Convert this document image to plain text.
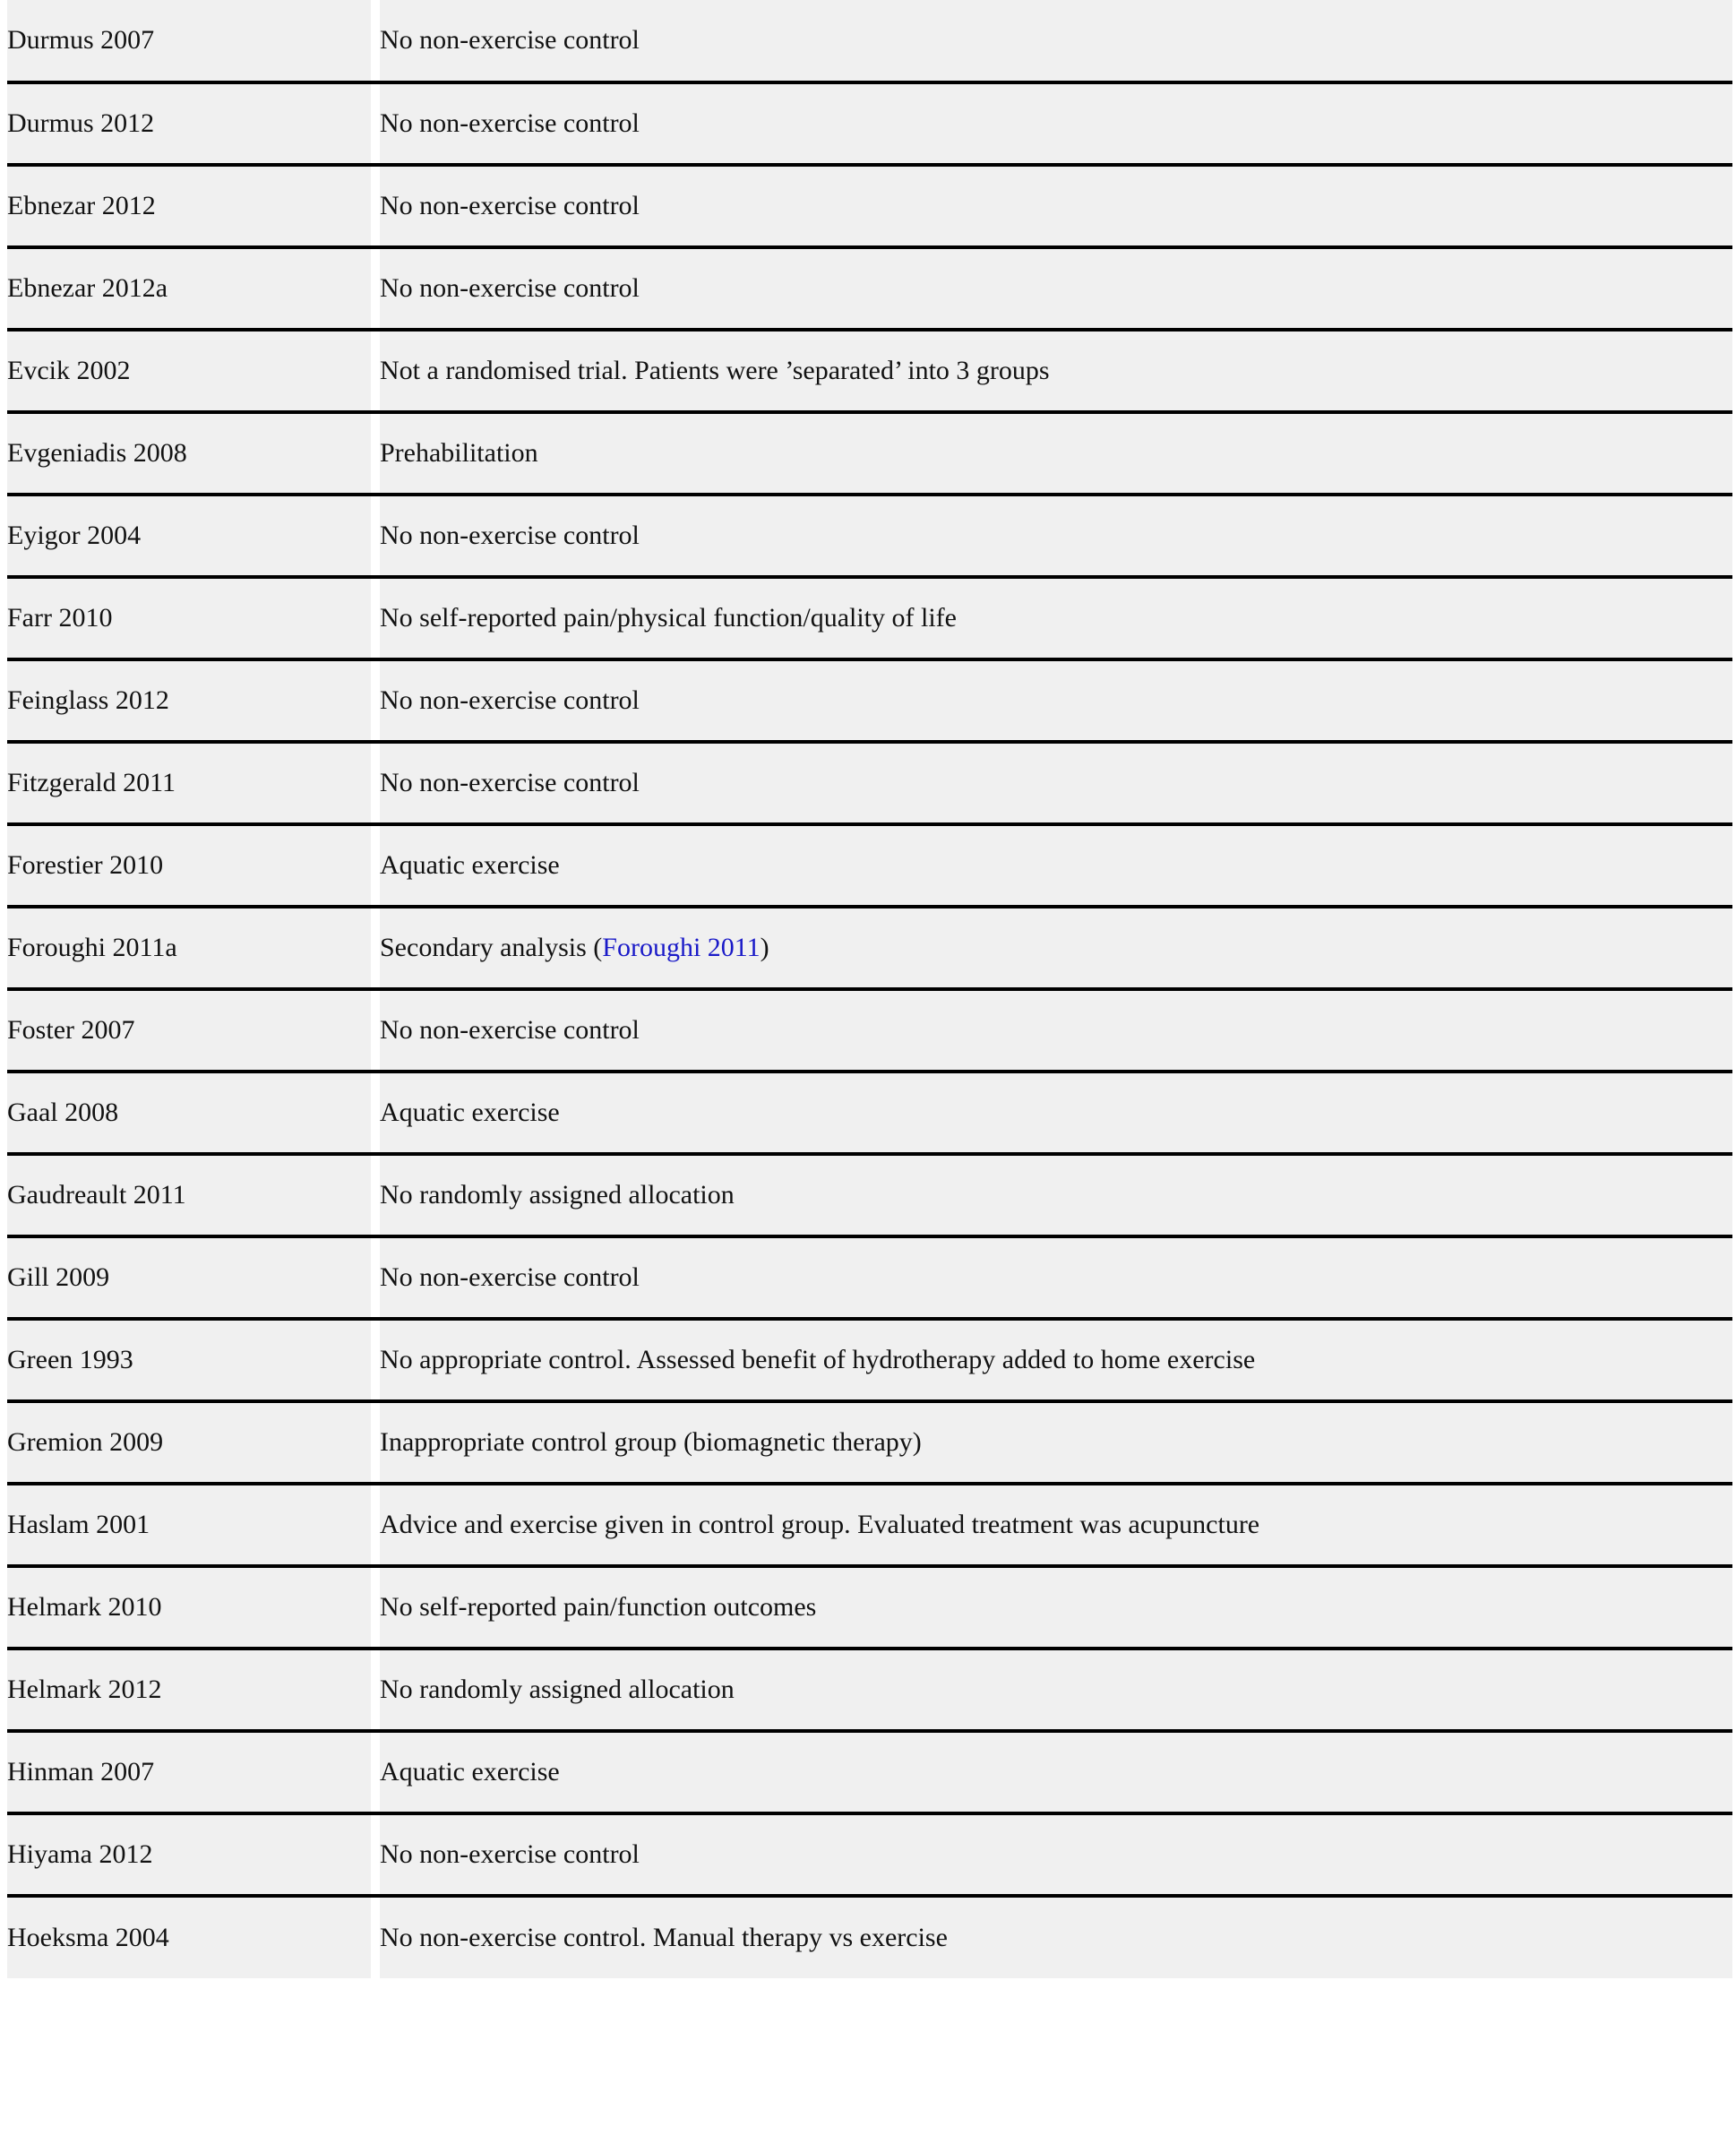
Durmus 2007		No non-exercise control
Durmus 2012		No non-exercise control
Ebnezar 2012		No non-exercise control
Ebnezar 2012a		No non-exercise control
Evcik 2002		Not a randomised trial. Patients were ’separated’ into 3 groups
Evgeniadis 2008		Prehabilitation
Eyigor 2004		No non-exercise control
Farr 2010		No self-reported pain/physical function/quality of life
Feinglass 2012		No non-exercise control
Fitzgerald 2011		No non-exercise control
Forestier 2010		Aquatic exercise
Foroughi 2011a		Secondary analysis (Foroughi 2011)
Foster 2007		No non-exercise control
Gaal 2008		Aquatic exercise
Gaudreault 2011		No randomly assigned allocation
Gill 2009		No non-exercise control
Green 1993		No appropriate control. Assessed benefit of hydrotherapy added to home exercise
Gremion 2009		Inappropriate control group (biomagnetic therapy)
Haslam 2001		Advice and exercise given in control group. Evaluated treatment was acupuncture
Helmark 2010		No self-reported pain/function outcomes
Helmark 2012		No randomly assigned allocation
Hinman 2007		Aquatic exercise
Hiyama 2012		No non-exercise control
Hoeksma 2004		No non-exercise control. Manual therapy vs exercise
